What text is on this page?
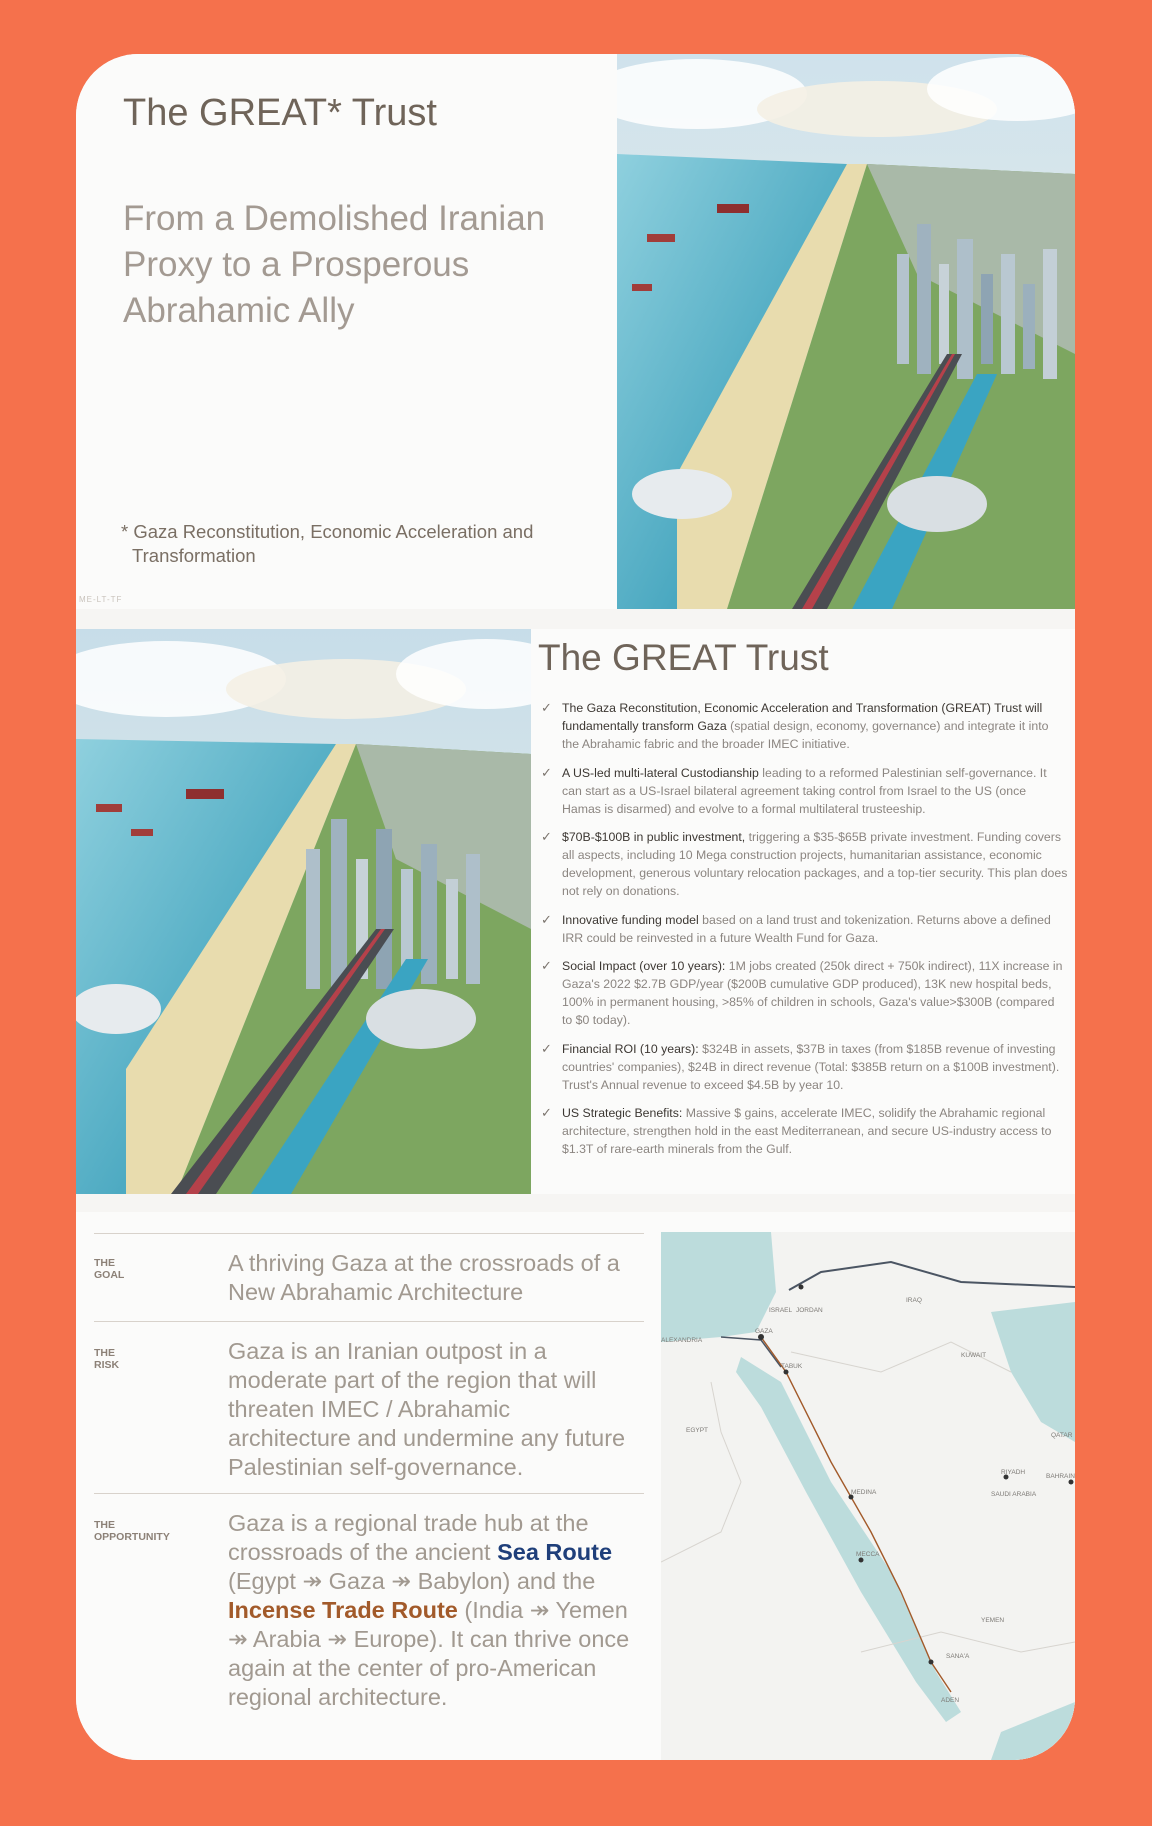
The GREAT* Trust
From a Demolished Iranian Proxy to a Prosperous Abrahamic Ally
* Gaza Reconstitution, Economic Acceleration and
Transformation
ME-LT-TF
The GREAT Trust
✓ The Gaza Reconstitution, Economic Acceleration and Transformation (GREAT) Trust will fundamentally transform Gaza (spatial design, economy, governance) and integrate it into the Abrahamic fabric and the broader IMEC initiative.
✓ A US-led multi-lateral Custodianship leading to a reformed Palestinian self-governance. It can start as a US-Israel bilateral agreement taking control from Israel to the US (once Hamas is disarmed) and evolve to a formal multilateral trusteeship.
✓ $70B-$100B in public investment, triggering a $35-$65B private investment. Funding covers all aspects, including 10 Mega construction projects, humanitarian assistance, economic development, generous voluntary relocation packages, and a top-tier security. This plan does not rely on donations.
✓ Innovative funding model based on a land trust and tokenization. Returns above a defined IRR could be reinvested in a future Wealth Fund for Gaza.
✓ Social Impact (over 10 years): 1M jobs created (250k direct + 750k indirect), 11X increase in Gaza's 2022 $2.7B GDP/year ($200B cumulative GDP produced), 13K new hospital beds, 100% in permanent housing, >85% of children in schools, Gaza's value>$300B (compared to $0 today).
✓ Financial ROI (10 years): $324B in assets, $37B in taxes (from $185B revenue of investing countries' companies), $24B in direct revenue (Total: $385B return on a $100B investment). Trust's Annual revenue to exceed $4.5B by year 10.
✓ US Strategic Benefits: Massive $ gains, accelerate IMEC, solidify the Abrahamic regional architecture, strengthen hold in the east Mediterranean, and secure US-industry access to $1.3T of rare-earth minerals from the Gulf.
THE
GOAL	A thriving Gaza at the crossroads of a New Abrahamic Architecture
THE
RISK
Gaza is an Iranian outpost in a moderate part of the region that will threaten IMEC / Abrahamic architecture and undermine any future Palestinian self-governance.
THE
OPPORTUNITY
Gaza is a regional trade hub at the crossroads of the ancient Sea Route (Egypt ↠ Gaza ↠ Babylon) and the Incense Trade Route (India ↠ Yemen ↠ Arabia ↠ Europe). It can thrive once again at the center of pro-American regional architecture.
GAZA
JORDAN
ISRAEL
ALEXANDRIA
EGYPT
TABUK
MEDINA
MECCA
RIYADH
SAUDI ARABIA
IRAQ
KUWAIT
BAHRAIN
QATAR
YEMEN
SANA'A
ADEN
